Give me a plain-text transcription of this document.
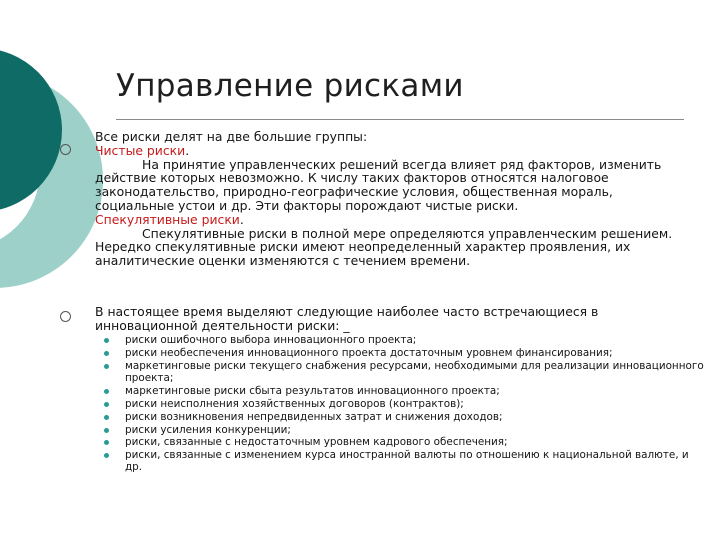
Управление рисками
Все риски делят на две большие группы:
Чистые риски.
На принятие управленческих решений всегда влияет ряд факторов, изменить действие которых невозможно. К числу таких факторов относятся налоговое законодательство, природно-географические условия, общественная мораль, социальные устои и др. Эти факторы порождают чистые риски.
Спекулятивные риски.
Спекулятивные риски в полной мере определяются управленческим решением. Нередко спекулятивные риски имеют неопределенный характер проявления, их аналитические оценки изменяются с течением времени.
В настоящее время выделяют следующие наиболее часто встречающиеся в инновационной деятельности риски: _
риски ошибочного выбора инновационного проекта;
риски необеспечения инновационного проекта достаточным уровнем финансирования;
маркетинговые риски текущего снабжения ресурсами, необходимыми для реализации инновационного проекта;
маркетинговые риски сбыта результатов инновационного проекта;
риски неисполнения хозяйственных договоров (контрактов);
риски возникновения непредвиденных затрат и снижения доходов;
риски усиления конкуренции;
риски, связанные с недостаточным уровнем кадрового обеспечения;
риски, связанные с изменением курса иностранной валюты по отношению к национальной валюте, и др.
